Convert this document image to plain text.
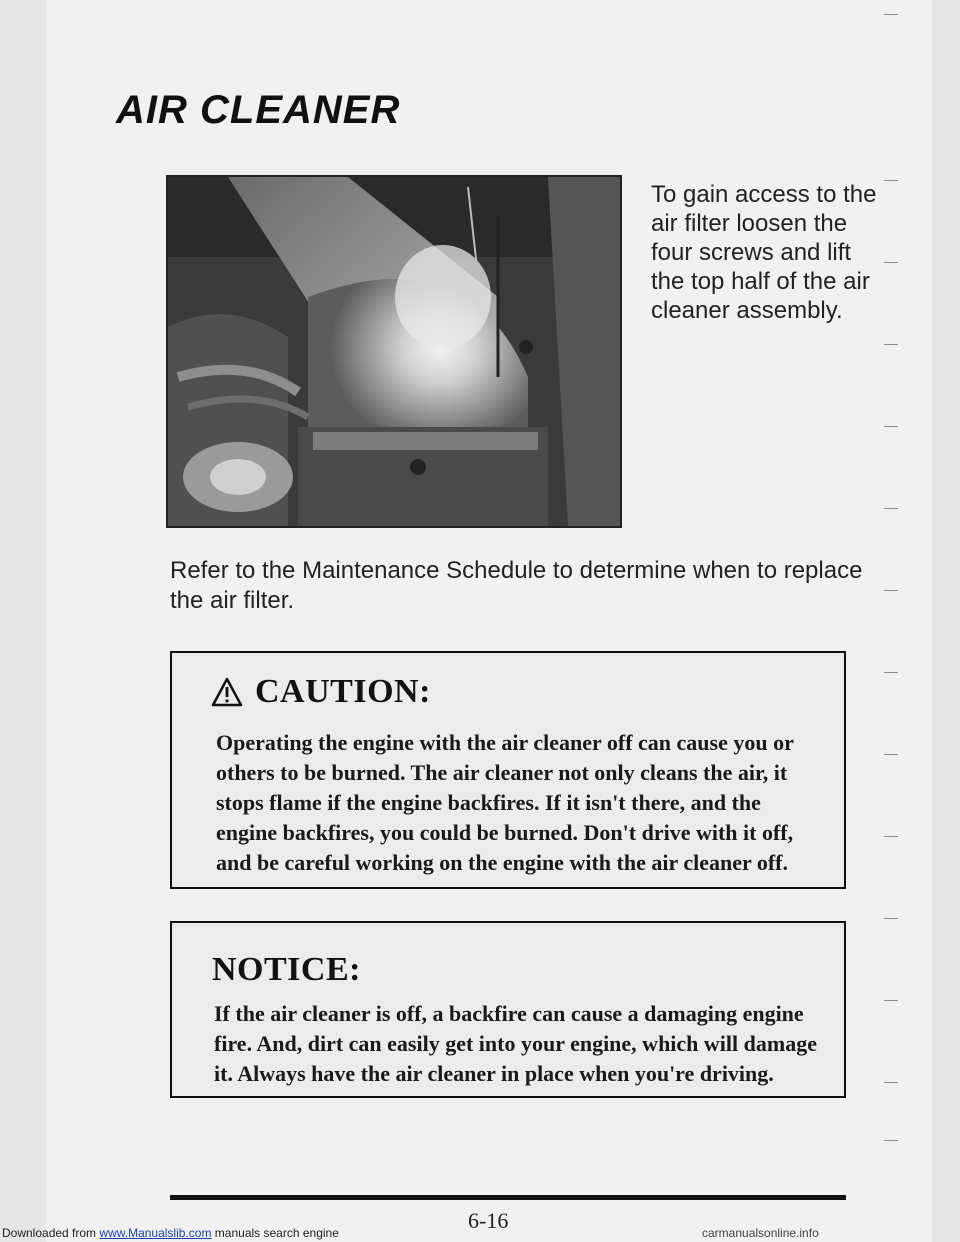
AIR CLEANER

To gain access to the air filter loosen the four screws and lift the top half of the air cleaner assembly.

Refer to the Maintenance Schedule to determine when to replace the air filter.

CAUTION:

Operating the engine with the air cleaner off can cause you or others to be burned. The air cleaner not only cleans the air, it stops flame if the engine backfires. If it isn't there, and the engine backfires, you could be burned. Don't drive with it off, and be careful working on the engine with the air cleaner off.

NOTICE:

If the air cleaner is off, a backfire can cause a damaging engine fire. And, dirt can easily get into your engine, which will damage it. Always have the air cleaner in place when you're driving.

6-16
Downloaded from www.Manualslib.com manuals search engine	carmanualsonline.info
